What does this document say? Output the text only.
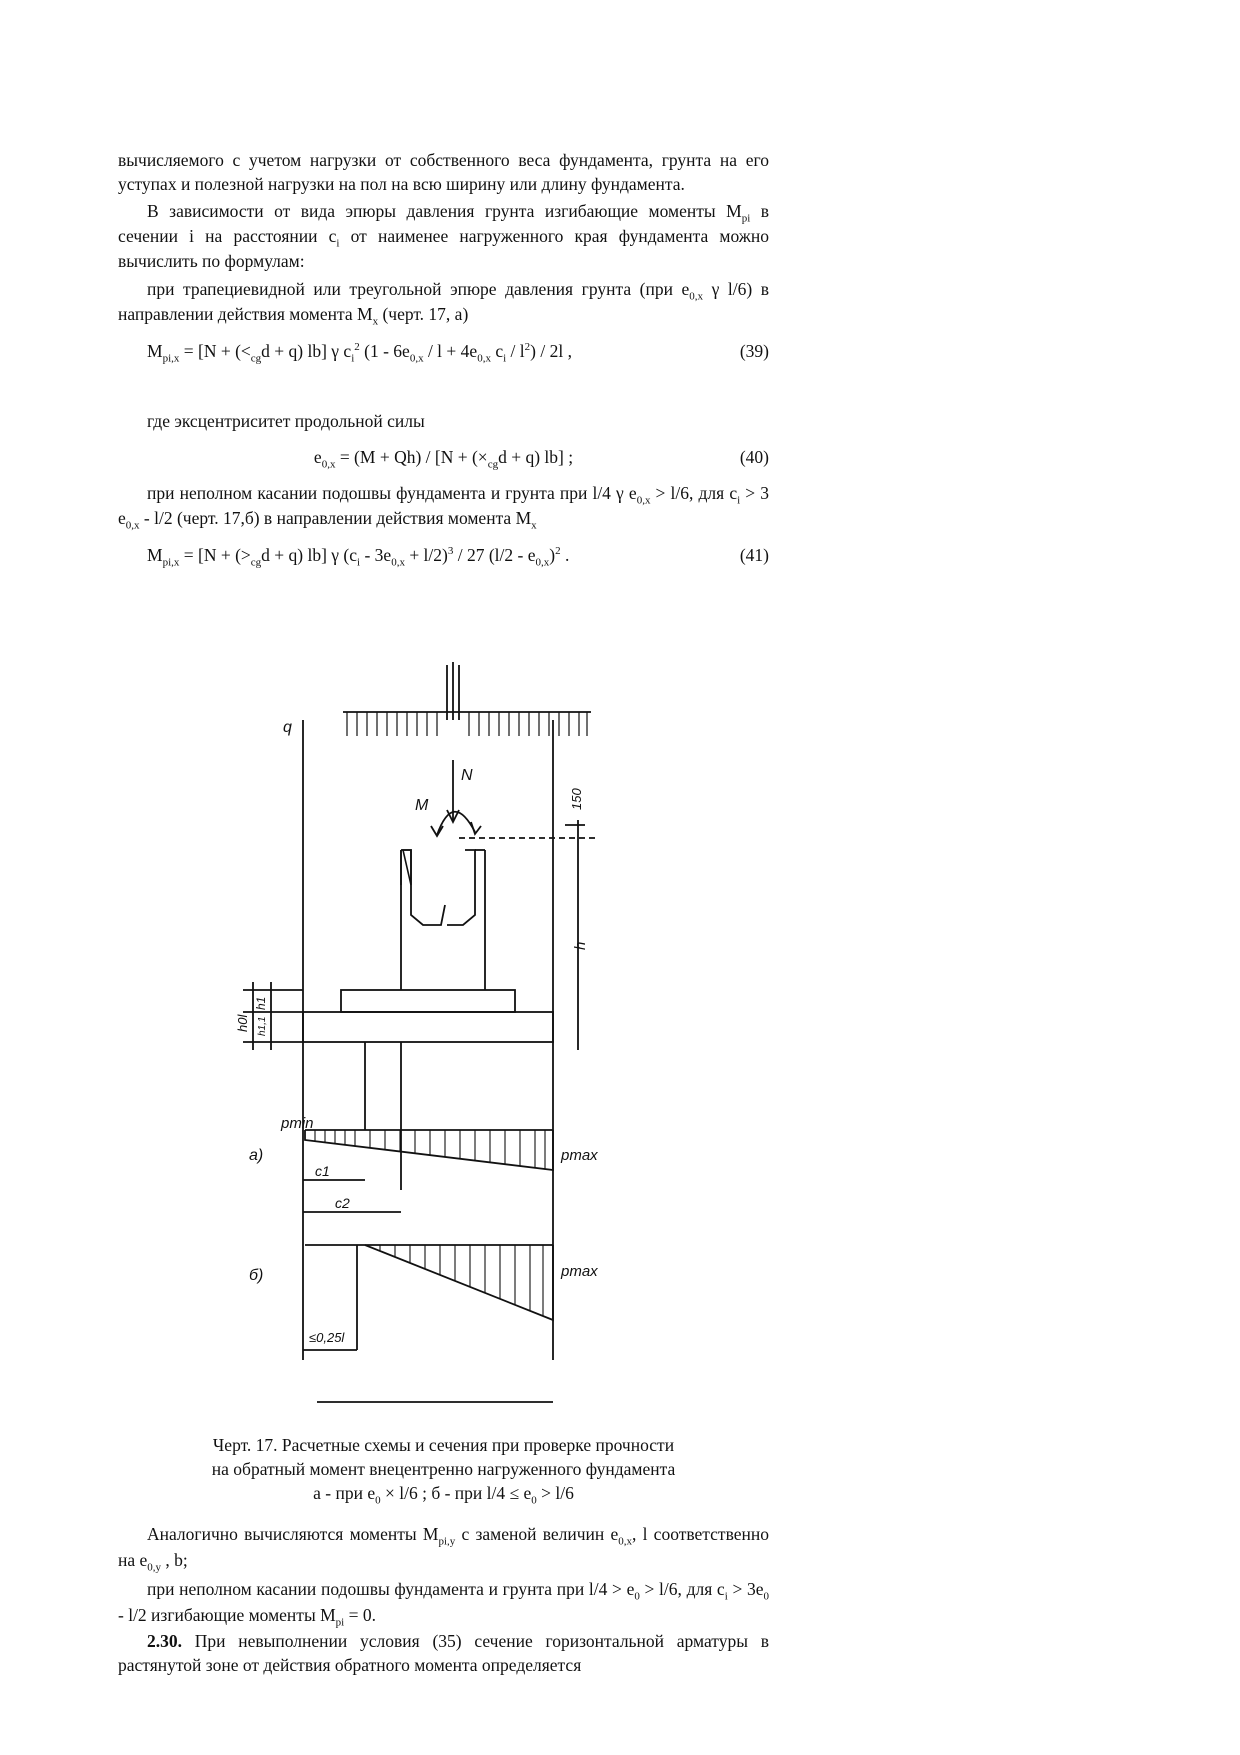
вычисляемого с учетом нагрузки от собственного веса фундамента, грунта на его уступах и полезной нагрузки на пол на всю ширину или длину фундамента.

В зависимости от вида эпюры давления грунта изгибающие моменты $M_{pi}$ в сечении i на расстоянии $c_i$ от наименее нагруженного края фундамента можно вычислить по формулам:

при трапециевидной или треугольной эпюре давления грунта (при $e_{0,x}$ γ l/6) в направлении действия момента $M_x$ (черт. 17, а)

$M_{pi,x} = [N + (<_{cg}d + q)$ lb] γ $c_i^2$ ($1 - 6e_{0,x} / l + 4e_{0,x}$ $c_i / l^2) / 2l$ ,	(39)

где эксцентриситет продольной силы

$e_{0,x} = (M + Qh) / [N + (\times_{cg}d + q)$ lb] ;	(40)

при неполном касании подошвы фундамента и грунта при l/4 γ $e_{0,x} > l/6$, для $c_i > 3$ $e_{0,x} - l/2$ (черт. 17,б) в направлении действия момента $M_x$

$M_{pi,x} = [N + (>_{cg}d + q)$ lb] γ $(c_i - 3e_{0,x} + l/2)^3 / 27$ $(l/2 - e_{0,x})^2$ .	(41)
q
N
M	150
h
h0l
h1
h1,1
а)
pmin
pmax
c1
c2
б)	pmax
≤0,25l
Черт. 17. Расчетные схемы и сечения при проверке прочности
на обратный момент внецентренно нагруженного фундамента
а - при $e_0 \times l/6$ ; б - при $l/4 \le e_0 > l/6$

Аналогично вычисляются моменты $M_{pi,y}$ с заменой величин $e_{0,x}$, l соответственно на $e_{0,y}$ , b;

при неполном касании подошвы фундамента и грунта при $l/4 > e_0 > l/6$, для $c_i > 3e_0 - l/2$ изгибающие моменты $M_{pi} = 0$.

2.30. При невыполнении условия (35) сечение горизонтальной арматуры в растянутой зоне от действия обратного момента определяется
